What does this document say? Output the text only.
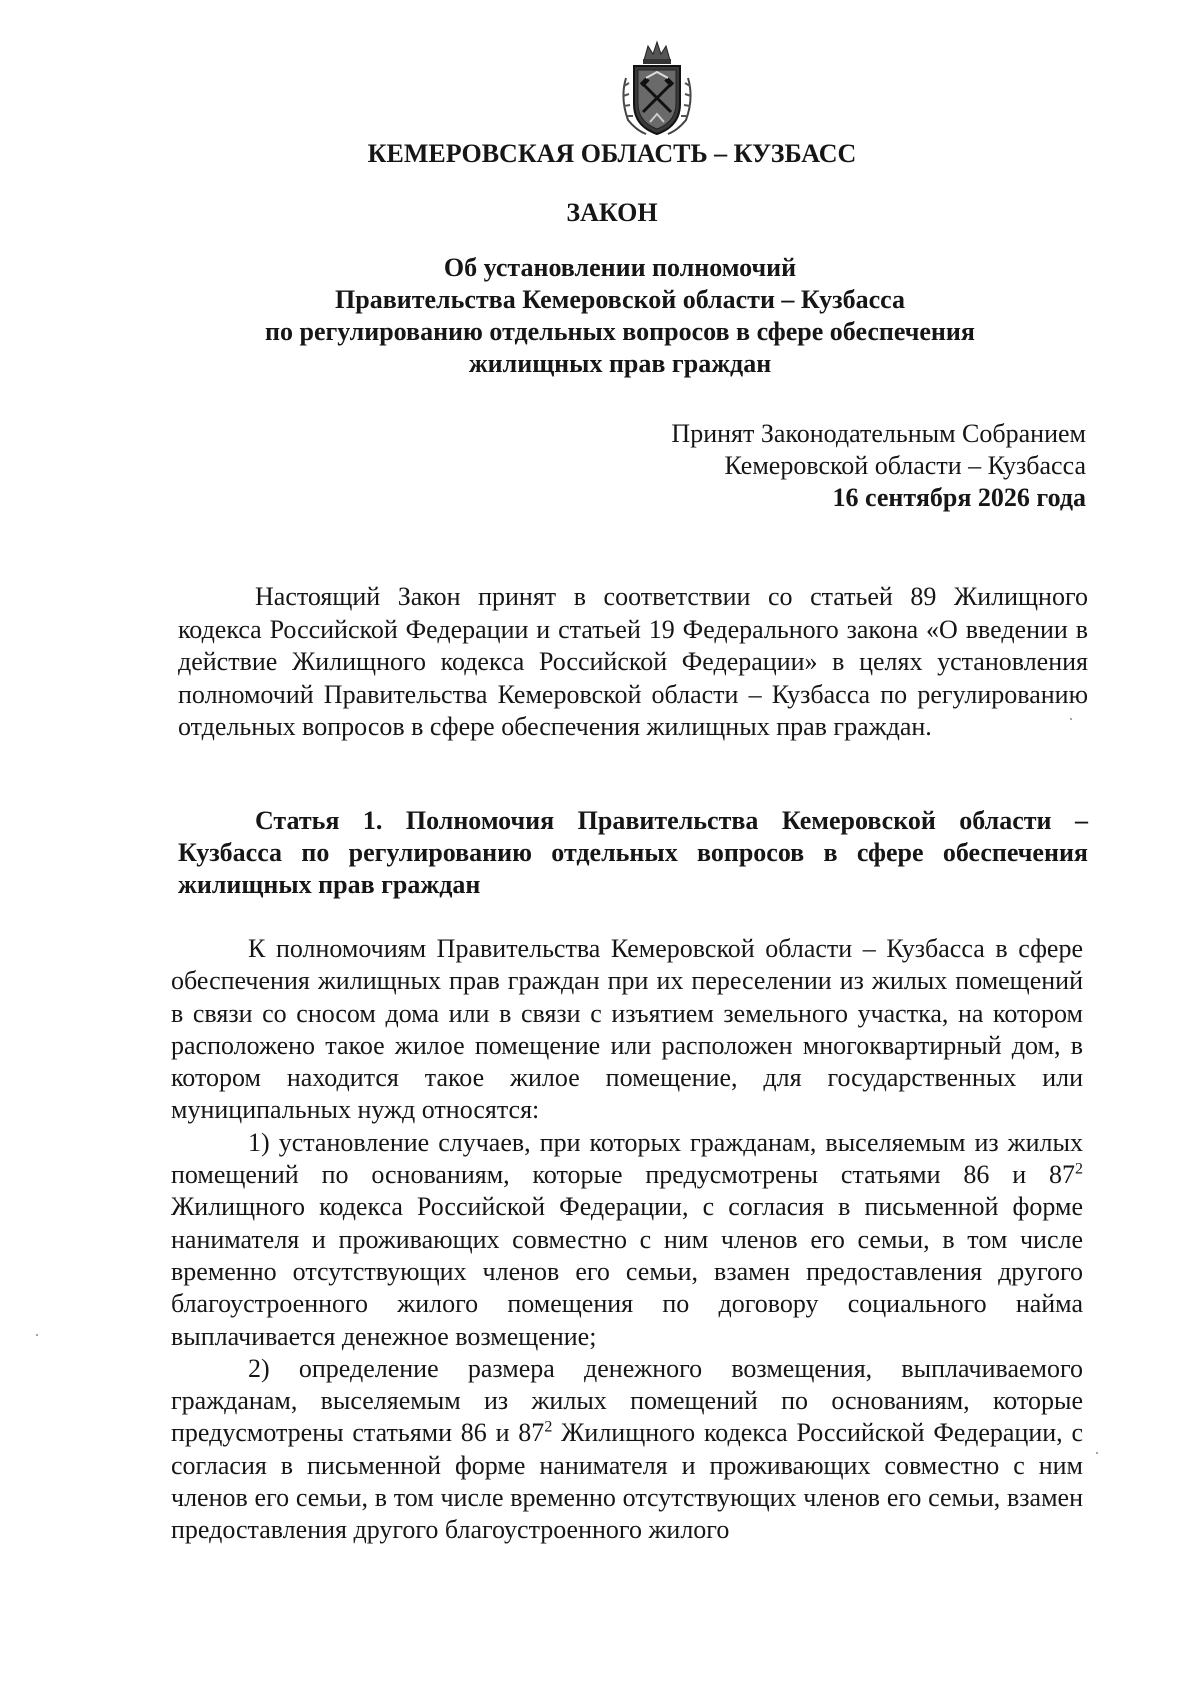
КЕМЕРОВСКАЯ ОБЛАСТЬ – КУЗБАСС
ЗАКОН
Об установлении полномочий
Правительства Кемеровской области – Кузбасса
по регулированию отдельных вопросов в сфере обеспечения
жилищных прав граждан
Принят Законодательным Собранием
Кемеровской области – Кузбасса
16 сентября 2026 года

Настоящий Закон принят в соответствии со статьей 89 Жилищного кодекса Российской Федерации и статьей 19 Федерального закона «О введении в действие Жилищного кодекса Российской Федерации» в целях установления полномочий Правительства Кемеровской области – Кузбасса по регулированию отдельных вопросов в сфере обеспечения жилищных прав граждан.

Статья 1. Полномочия Правительства Кемеровской области – Кузбасса по регулированию отдельных вопросов в сфере обеспечения жилищных прав граждан

К полномочиям Правительства Кемеровской области – Кузбасса в сфере обеспечения жилищных прав граждан при их переселении из жилых помещений в связи со сносом дома или в связи с изъятием земельного участка, на котором расположено такое жилое помещение или расположен многоквартирный дом, в котором находится такое жилое помещение, для государственных или муниципальных нужд относятся:

1) установление случаев, при которых гражданам, выселяемым из жилых помещений по основаниям, которые предусмотрены статьями 86 и $87^2$ Жилищного кодекса Российской Федерации, с согласия в письменной форме нанимателя и проживающих совместно с ним членов его семьи, в том числе временно отсутствующих членов его семьи, взамен предоставления другого благоустроенного жилого помещения по договору социального найма выплачивается денежное возмещение;

2) определение размера денежного возмещения, выплачиваемого гражданам, выселяемым из жилых помещений по основаниям, которые предусмотрены статьями 86 и $87^2$ Жилищного кодекса Российской Федерации, с согласия в письменной форме нанимателя и проживающих совместно с ним членов его семьи, в том числе временно отсутствующих членов его семьи, взамен предоставления другого благоустроенного жилого
